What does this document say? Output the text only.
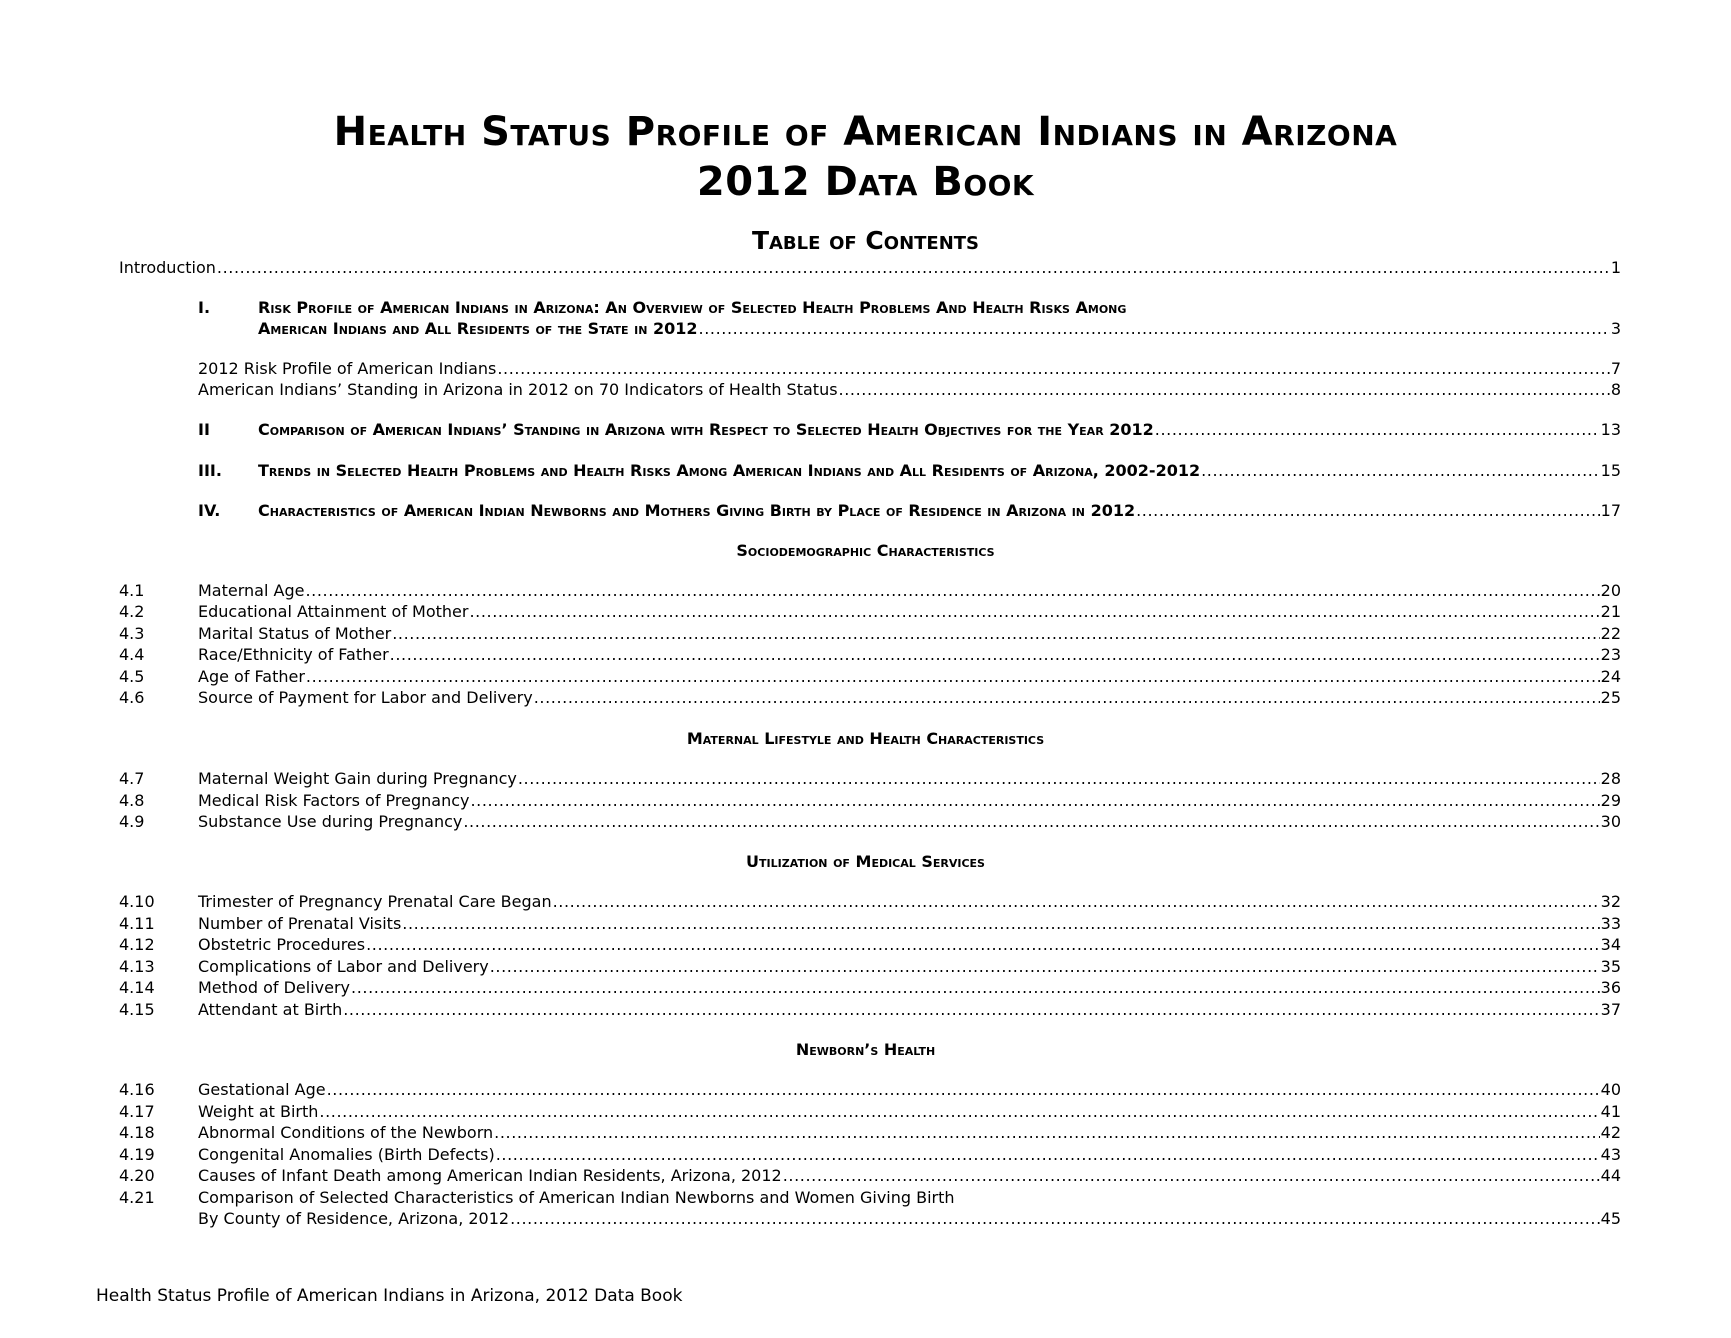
Health Status Profile of American Indians in Arizona
2012 Data Book
Table of Contents
Introduction .....	1
I.	Risk Profile of American Indians in Arizona: An Overview of Selected Health Problems And Health Risks Among
American Indians and All Residents of the State in 2012 .....	3
2012 Risk Profile of American Indians .....	7
American Indians’ Standing in Arizona in 2012 on 70 Indicators of Health Status .....	8
II	Comparison of American Indians’ Standing in Arizona with Respect to Selected Health Objectives for the Year 2012 .....	13
III. Trends in Selected Health Problems and Health Risks Among American Indians and All Residents of Arizona, 2002-2012 .....	15
IV. Characteristics of American Indian Newborns and Mothers Giving Birth by Place of Residence in Arizona in 2012 .....	17
Sociodemographic Characteristics
4.1	Maternal Age .....	20
4.2	Educational Attainment of Mother .....	21
4.3	Marital Status of Mother .....	22
4.4	Race/Ethnicity of Father .....	23
4.5	Age of Father .....	24
4.6	Source of Payment for Labor and Delivery .....	25
Maternal Lifestyle and Health Characteristics
4.7	Maternal Weight Gain during Pregnancy .....	28
4.8	Medical Risk Factors of Pregnancy .....	29
4.9	Substance Use during Pregnancy .....	30
Utilization of Medical Services
4.10	Trimester of Pregnancy Prenatal Care Began .....	32
4.11	Number of Prenatal Visits .....	33
4.12	Obstetric Procedures .....	34
4.13	Complications of Labor and Delivery .....	35
4.14	Method of Delivery .....	36
4.15	Attendant at Birth .....	37
Newborn’s Health
4.16	Gestational Age .....	40
4.17	Weight at Birth .....	41
4.18	Abnormal Conditions of the Newborn .....	42
4.19	Congenital Anomalies (Birth Defects) .....	43
4.20	Causes of Infant Death among American Indian Residents, Arizona, 2012 .....	44
4.21	Comparison of Selected Characteristics of American Indian Newborns and Women Giving Birth
By County of Residence, Arizona, 2012 .....	45
Health Status Profile of American Indians in Arizona, 2012 Data Book
